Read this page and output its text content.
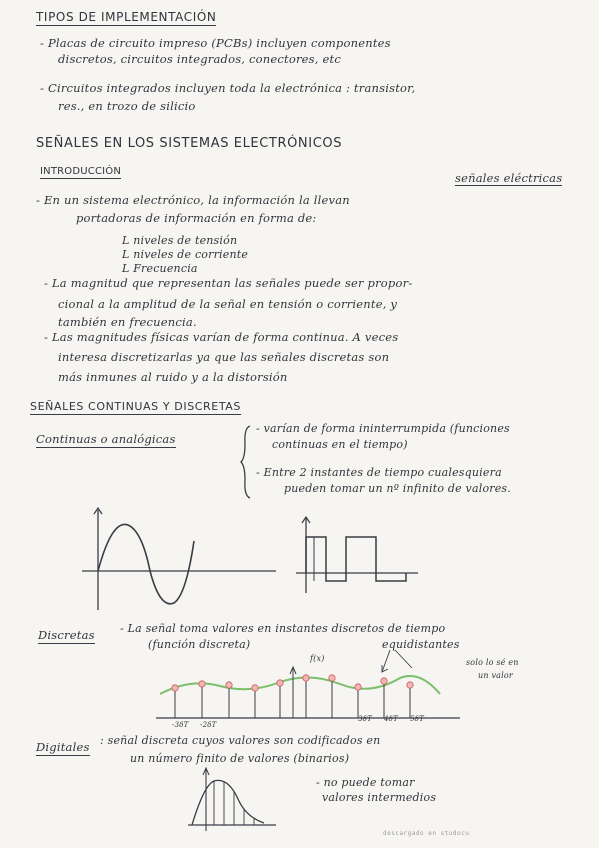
TIPOS DE IMPLEMENTACIÓN
- Placas de circuito impreso (PCBs) incluyen componentes
discretos, circuitos integrados, conectores, etc
- Circuitos integrados incluyen toda la electrónica : transistor,
res., en trozo de silicio
SEÑALES EN LOS SISTEMAS ELECTRÓNICOS
INTRODUCCIÓN
- En un sistema electrónico, la información la llevan
señales eléctricas
portadoras de información en forma de:
L niveles de tensión
L niveles de corriente
L Frecuencia
- La magnitud que representan las señales puede ser propor-
cional a la amplitud de la señal en tensión o corriente, y
también en frecuencia.
- Las magnitudes físicas varían de forma continua. A veces
interesa discretizarlas ya que las señales discretas son
más inmunes al ruido y a la distorsión
SEÑALES CONTINUAS Y DISCRETAS
Continuas o analógicas
- varían de forma ininterrumpida (funciones
continuas en el tiempo)
- Entre 2 instantes de tiempo cualesquiera
pueden tomar un nº infinito de valores.
Discretas - La señal toma valores en instantes discretos de tiempo
(función discreta)	equidistantes
f(x)	solo lo sé en
un valor
-3δT -2δT
3δT 4δT 5δT
Digitales : señal discreta cuyos valores son codificados en
un número finito de valores (binarios)
- no puede tomar
valores intermedios
descargado en studocu
